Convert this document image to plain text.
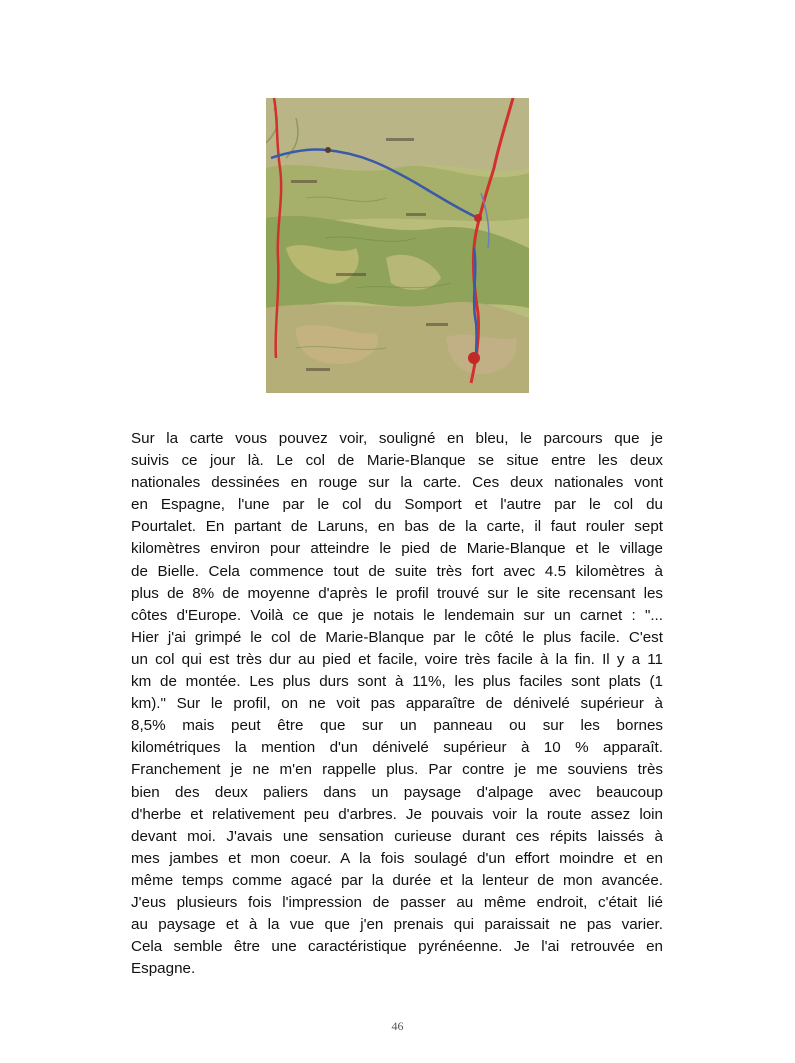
Sur la carte vous pouvez voir, souligné en bleu, le parcours que je
suivis ce jour là. Le col de Marie-Blanque se situe entre les deux
nationales dessinées en rouge sur la carte. Ces deux nationales vont
en Espagne, l'une par le col du Somport et l'autre par le col du
Pourtalet. En partant de Laruns, en bas de la carte, il faut rouler sept
kilomètres environ pour atteindre le pied de Marie-Blanque et le village
de Bielle. Cela commence tout de suite très fort avec 4.5 kilomètres à
plus de 8% de moyenne d'après le profil trouvé sur le site recensant les
côtes d'Europe. Voilà ce que je notais le lendemain sur un carnet : "...
Hier j'ai grimpé le col de Marie-Blanque par le côté le plus facile. C'est
un col qui est très dur au pied et facile, voire très facile à la fin. Il y a 11
km de montée. Les plus durs sont à 11%, les plus faciles sont plats (1
km)." Sur le profil, on ne voit pas apparaître de dénivelé supérieur à
8,5% mais peut être que sur un panneau ou sur les bornes
kilométriques la mention d'un dénivelé supérieur à 10 % apparaît.
Franchement je ne m'en rappelle plus. Par contre je me souviens très
bien des deux paliers dans un paysage d'alpage avec beaucoup
d'herbe et relativement peu d'arbres. Je pouvais voir la route assez loin
devant moi. J'avais une sensation curieuse durant ces répits laissés à
mes jambes et mon coeur. A la fois soulagé d'un effort moindre et en
même temps comme agacé par la durée et la lenteur de mon avancée.
J'eus plusieurs fois l'impression de passer au même endroit, c'était lié
au paysage et à la vue que j'en prenais qui paraissait ne pas varier.
Cela semble être une caractéristique pyrénéenne. Je l'ai retrouvée en
Espagne.
46
